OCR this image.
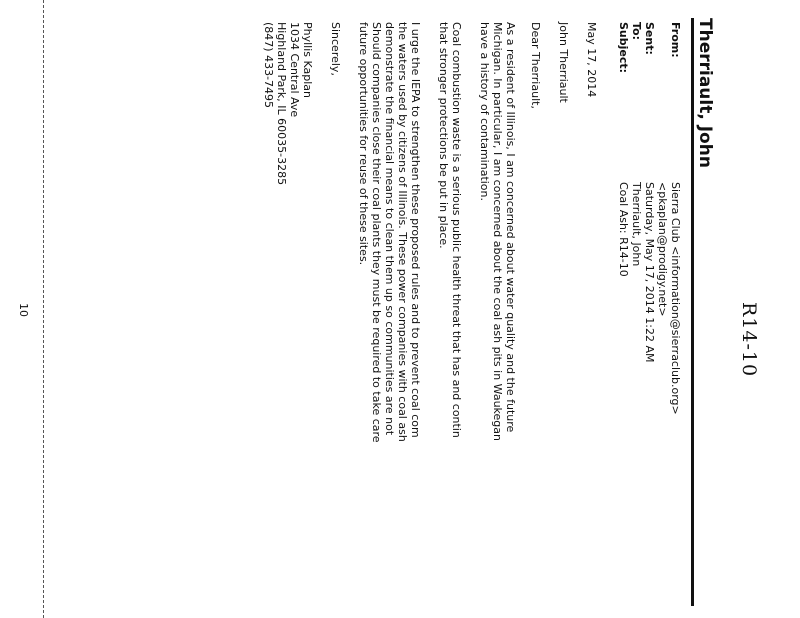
R14-10
Therriault, John
From:
Sierra Club <information@sierraclub.org>
<pkaplan@prodigy.net>
Sent:
Saturday, May 17, 2014 1:22 AM
To:
Therriault, John
Subject:
Coal Ash: R14-10
May 17, 2014
John Therriault
Dear Therriault,
As a resident of Illinois, I am concerned about water quality and the future
Michigan. In particular, I am concerned about the coal ash pits in Waukegan
have a history of contamination.
Coal combustion waste is a serious public health threat that has and contin
that stronger protections be put in place.
I urge the IEPA to strengthen these proposed rules and to prevent coal com
the waters used by citizens of Illinois. These power companies with coal ash
demonstrate the financial means to clean them up so communities are not
Should companies close their coal plants they must be required to take care
future opportunities for reuse of these sites.
Sincerely,
Phyllis Kaplan
1034 Central Ave
Highland Park, IL 60035-3285
(847) 433-7495
10
